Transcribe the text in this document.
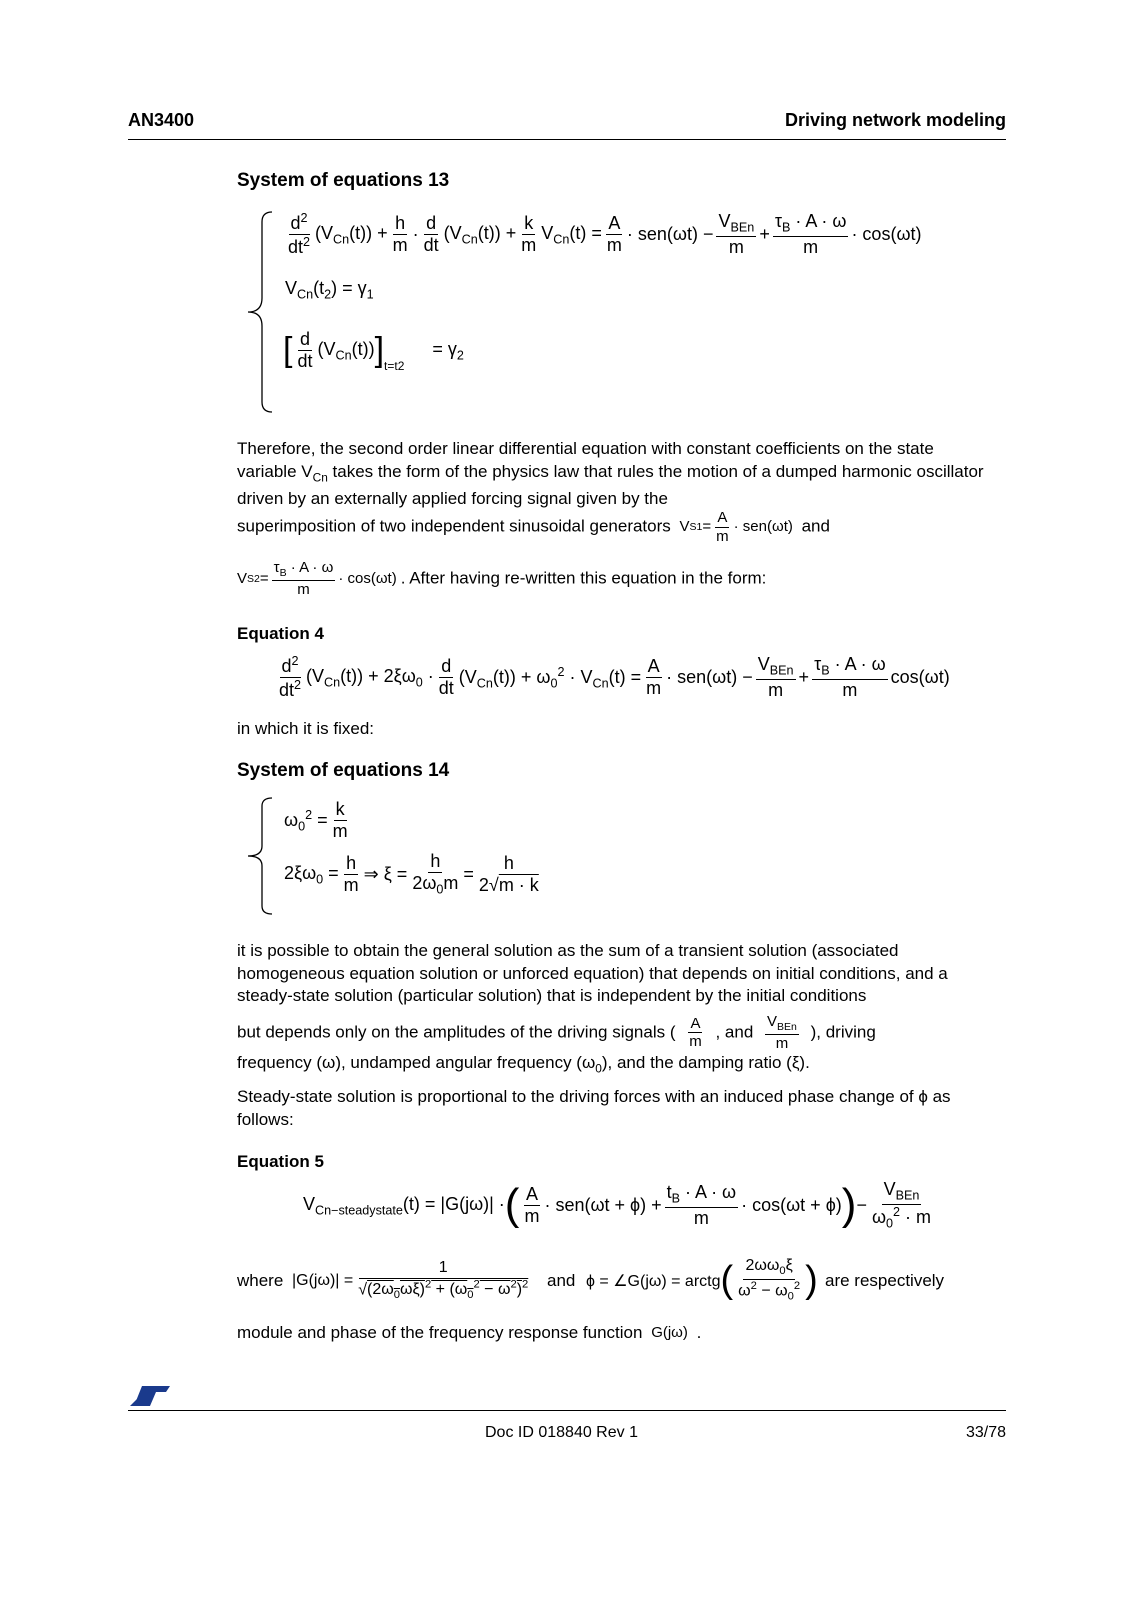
AN3400	Driving network modeling
System of equations 13
$\frac{d^2}{dt^2} (V_{Cn}(t)) + \frac{h}{m} \cdot \frac{d}{dt} (V_{Cn}(t)) + \frac{k}{m} V_{Cn}(t) = \frac{A}{m} \cdot sen(\omega t) - \frac{V_{BEn}}{m} + \frac{\tau_B \cdot A \cdot \omega}{m} \cdot \cos(\omega t)$
$V_{Cn}(t_2) = \gamma_1$
[ $\frac{d}{dt} (V_{Cn}(t))$ ] t=t2
= $\gamma_2$
Therefore, the second order linear differential equation with constant coefficients on the state variable $V_{Cn}$ takes the form of the physics law that rules the motion of a dumped harmonic oscillator driven by an externally applied forcing signal given by the
superimposition of two independent sinusoidal generators V $S1 = \frac{A}{m} \cdot sen(\omega t)$ and
V $S2 = \frac{\tau_B \cdot A \cdot \omega}{m} \cdot \cos(\omega t)$ . After having re-written this equation in the form:
Equation 4
$\frac{d^2}{dt^2} (V_{Cn}(t)) + 2\xi\omega_0 \cdot \frac{d}{dt} (V_{Cn}(t)) + \omega_0^2 \cdot V_{Cn}(t) = \frac{A}{m} \cdot sen(\omega t) - \frac{V_{BEn}}{m} + \frac{\tau_B \cdot A \cdot \omega}{m} \cos(\omega t)$
in which it is fixed:
System of equations 14
$\omega_0^2 = \frac{k}{m}$
$2\xi\omega_0 = \frac{h}{m}$ ⇒ $\xi = \frac{h}{2\omega_0m} = \frac{h}{2√m \cdot k}$
it is possible to obtain the general solution as the sum of a transient solution (associated homogeneous equation solution or unforced equation) that depends on initial conditions, and a steady-state solution (particular solution) that is independent by the initial conditions
but depends only on the amplitudes of the driving signals ( $\frac{A}{m}$ , and $\frac{V_{BEn}}{m}$ ), driving
frequency (ω), undamped angular frequency $(\omega_0)$, and the damping ratio (ξ).
Steady-state solution is proportional to the driving forces with an induced phase change of ϕ as follows:
Equation 5
$V_{Cn-steadystate}(t) = |G(j\omega)|$ · ( $\frac{A}{m} \cdot sen(\omega t + \phi) + \frac{t_B \cdot A \cdot \omega}{m} \cdot \cos(\omega t + \phi)$ ) − $\frac{V_{BEn}}{\omega_0^2 \cdot m}$
where $|G(j\omega)| = \frac{1}{√(2\omega_0\omega\xi)^2 + (\omega_0^2 - \omega^2)^2}$ and ϕ = ∠G(jω) = arctg ( $\frac{2\omega\omega_0\xi}{\omega^2 - \omega_0^2}$ ) are respectively
module and phase of the frequency response function G(jω) .
Doc ID 018840 Rev 1	33/78
